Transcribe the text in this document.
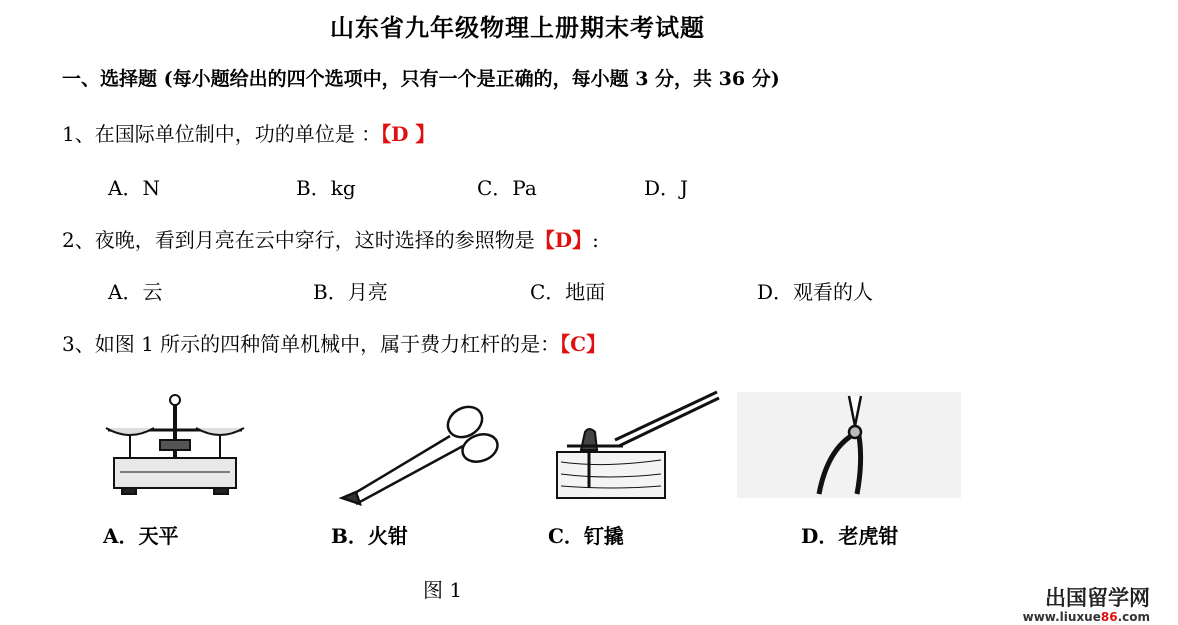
山东省九年级物理上册期末考试题
一、选择题 (每小题给出的四个选项中，只有一个是正确的，每小题 3 分，共 36 分)
1、在国际单位制中，功的单位是 ：【D 】
A．N	B．kg	C．Pa	D．J
2、夜晚，看到月亮在云中穿行，这时选择的参照物是【D】:
A．云	B．月亮	C．地面	D．观看的人
3、如图 1 所示的四种简单机械中，属于费力杠杆的是：【C】
A．天平	B．火钳	C．钉撬	D．老虎钳
图 1	出国留学网
www.liuxue86.com
